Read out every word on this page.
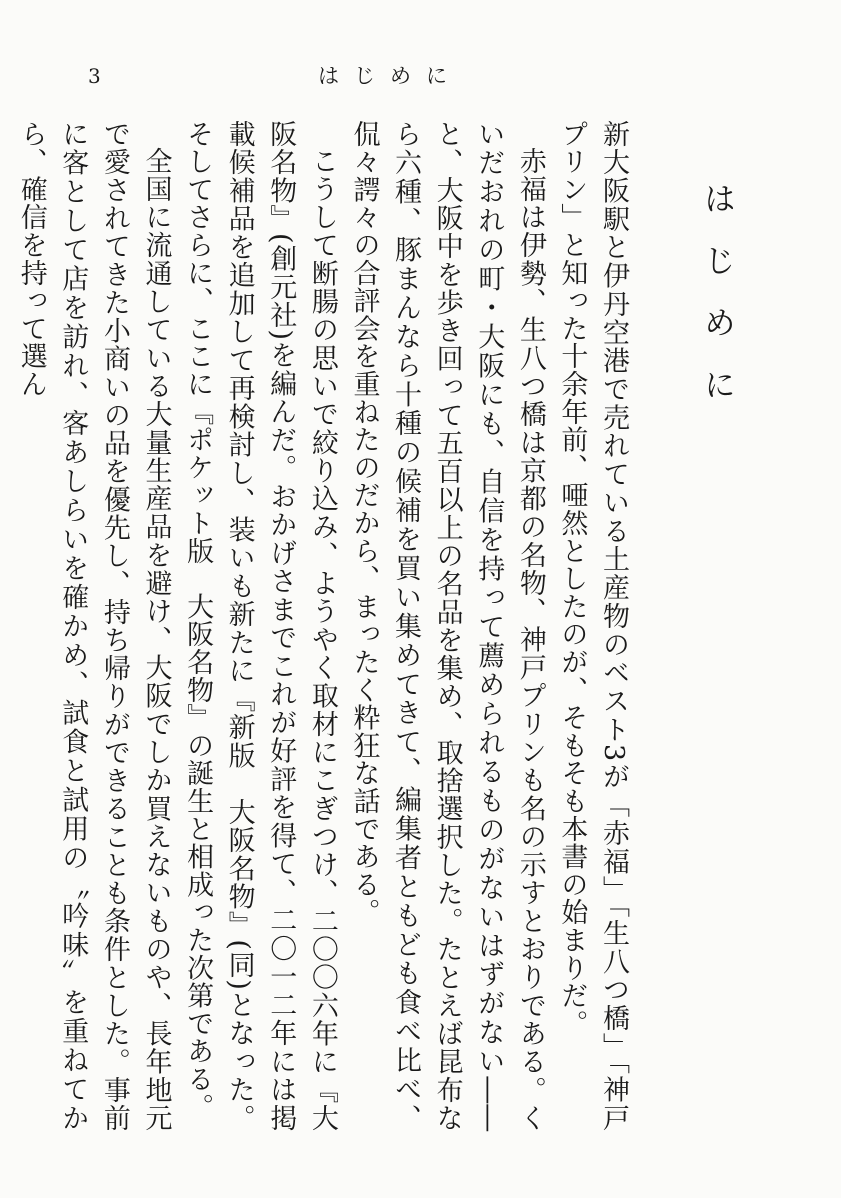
3	はじめに
はじめに

新大阪駅と伊丹空港で売れている土産物のベスト3が「赤福」「生八つ橋」「神戸プリン」と知った十余年前、唖然としたのが、そもそも本書の始まりだ。

赤福は伊勢、生八つ橋は京都の名物、神戸プリンも名の示すとおりである。くいだおれの町・大阪にも、自信を持って薦められるものがないはずがない――と、大阪中を歩き回って五百以上の名品を集め、取捨選択した。たとえば昆布なら六種、豚まんなら十種の候補を買い集めてきて、編集者ともども食べ比べ、侃々諤々の合評会を重ねたのだから、まったく粋狂な話である。

こうして断腸の思いで絞り込み、ようやく取材にこぎつけ、二〇〇六年に『大阪名物』(創元社)を編んだ。おかげさまでこれが好評を得て、二〇一二年には掲載候補品を追加して再検討し、装いも新たに『新版　大阪名物』(同)となった。そしてさらに、ここに『ポケット版　大阪名物』の誕生と相成った次第である。

全国に流通している大量生産品を避け、大阪でしか買えないものや、長年地元で愛されてきた小商いの品を優先し、持ち帰りができることも条件とした。事前に客として店を訪れ、客あしらいを確かめ、試食と試用の〝吟味〟を重ねてから、確信を持って選ん
